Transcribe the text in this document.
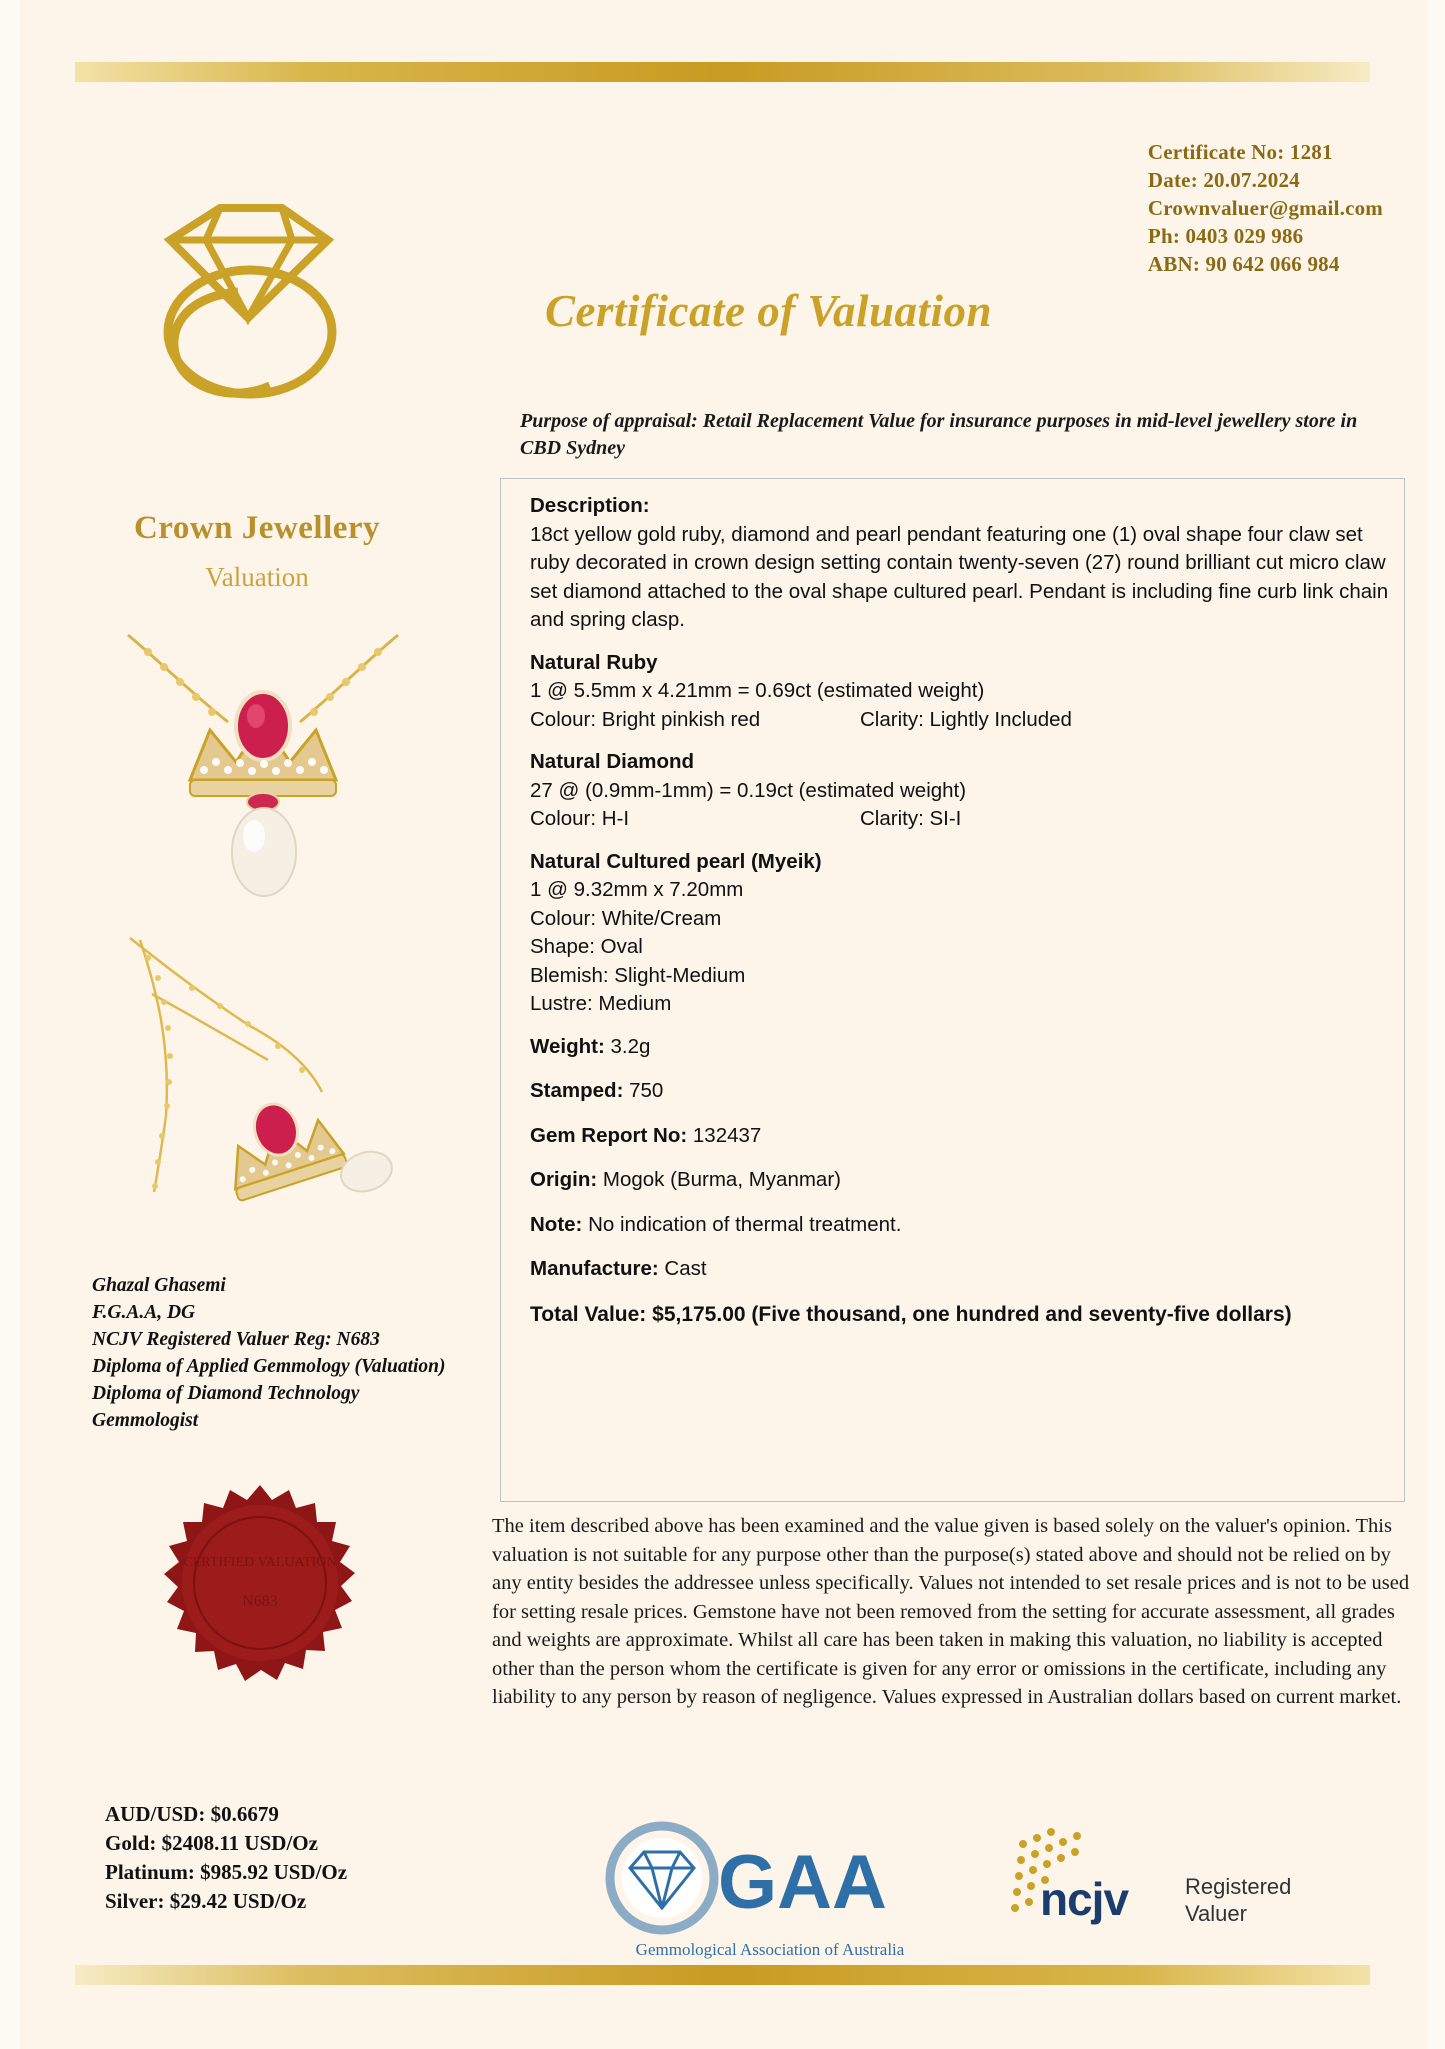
Certificate No: 1281
Date: 20.07.2024
Crownvaluer@gmail.com
Ph: 0403 029 986
ABN: 90 642 066 984
Certificate of Valuation
Purpose of appraisal: Retail Replacement Value for insurance purposes in mid-level jewellery store in CBD Sydney
Crown Jewellery
Valuation
Ghazal Ghasemi
F.G.A.A, DG
NCJV Registered Valuer Reg: N683
Diploma of Applied Gemmology (Valuation)
Diploma of Diamond Technology
Gemmologist
CERTIFIED VALUATION
N683
AUD/USD: $0.6679
Gold: $2408.11 USD/Oz
Platinum: $985.92 USD/Oz
Silver: $29.42 USD/Oz
Description:
18ct yellow gold ruby, diamond and pearl pendant featuring one (1) oval shape four claw set ruby decorated in crown design setting contain twenty-seven (27) round brilliant cut micro claw set diamond attached to the oval shape cultured pearl. Pendant is including fine curb link chain and spring clasp.
Natural Ruby
1 @ 5.5mm x 4.21mm = 0.69ct (estimated weight)
Colour: Bright pinkish red	Clarity: Lightly Included
Natural Diamond
27 @ (0.9mm-1mm) = 0.19ct (estimated weight)
Colour: H-I	Clarity: SI-I
Natural Cultured pearl (Myeik)
1 @ 9.32mm x 7.20mm
Colour: White/Cream
Shape: Oval
Blemish: Slight-Medium
Lustre: Medium
Weight: 3.2g
Stamped: 750
Gem Report No: 132437
Origin: Mogok (Burma, Myanmar)
Note: No indication of thermal treatment.
Manufacture: Cast
Total Value: $5,175.00 (Five thousand, one hundred and seventy-five dollars)
The item described above has been examined and the value given is based solely on the valuer's opinion. This valuation is not suitable for any purpose other than the purpose(s) stated above and should not be relied on by any entity besides the addressee unless specifically. Values not intended to set resale prices and is not to be used for setting resale prices. Gemstone have not been removed from the setting for accurate assessment, all grades and weights are approximate. Whilst all care has been taken in making this valuation, no liability is accepted other than the person whom the certificate is given for any error or omissions in the certificate, including any liability to any person by reason of negligence. Values expressed in Australian dollars based on current market.
GAA
Gemmological Association of Australia
ncjv	Registered
Valuer
